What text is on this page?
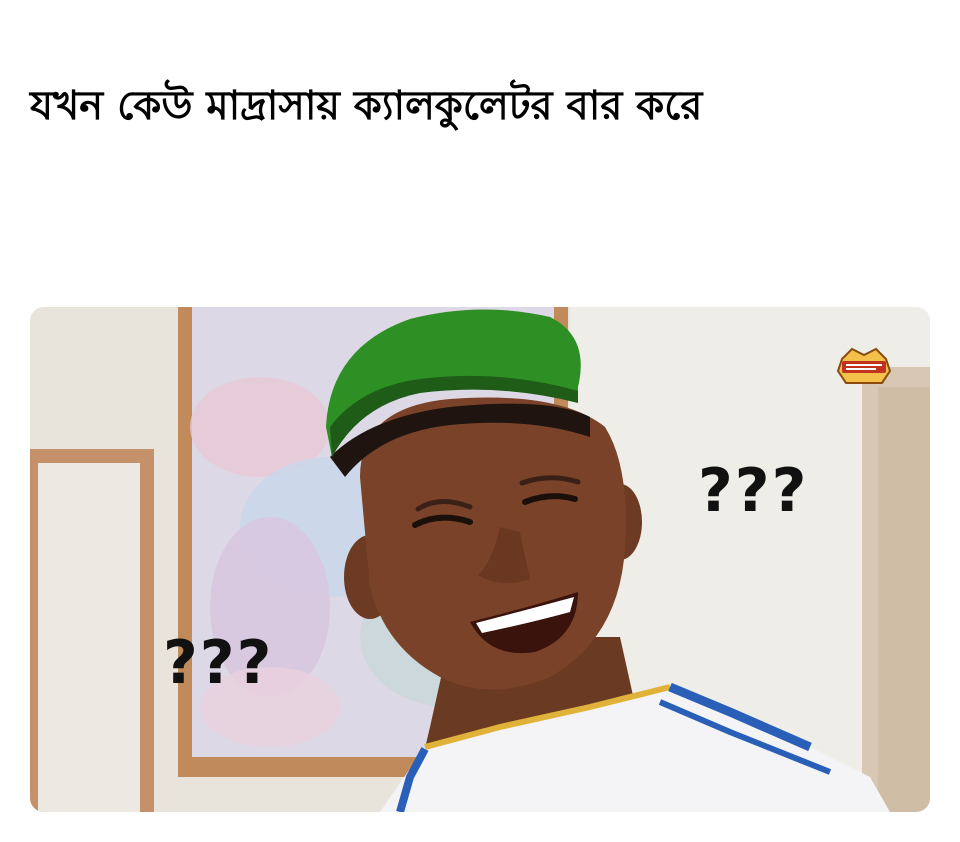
যখন কেউ মাদ্রাসায় ক্যালকুলেটর বার করে
???
???
